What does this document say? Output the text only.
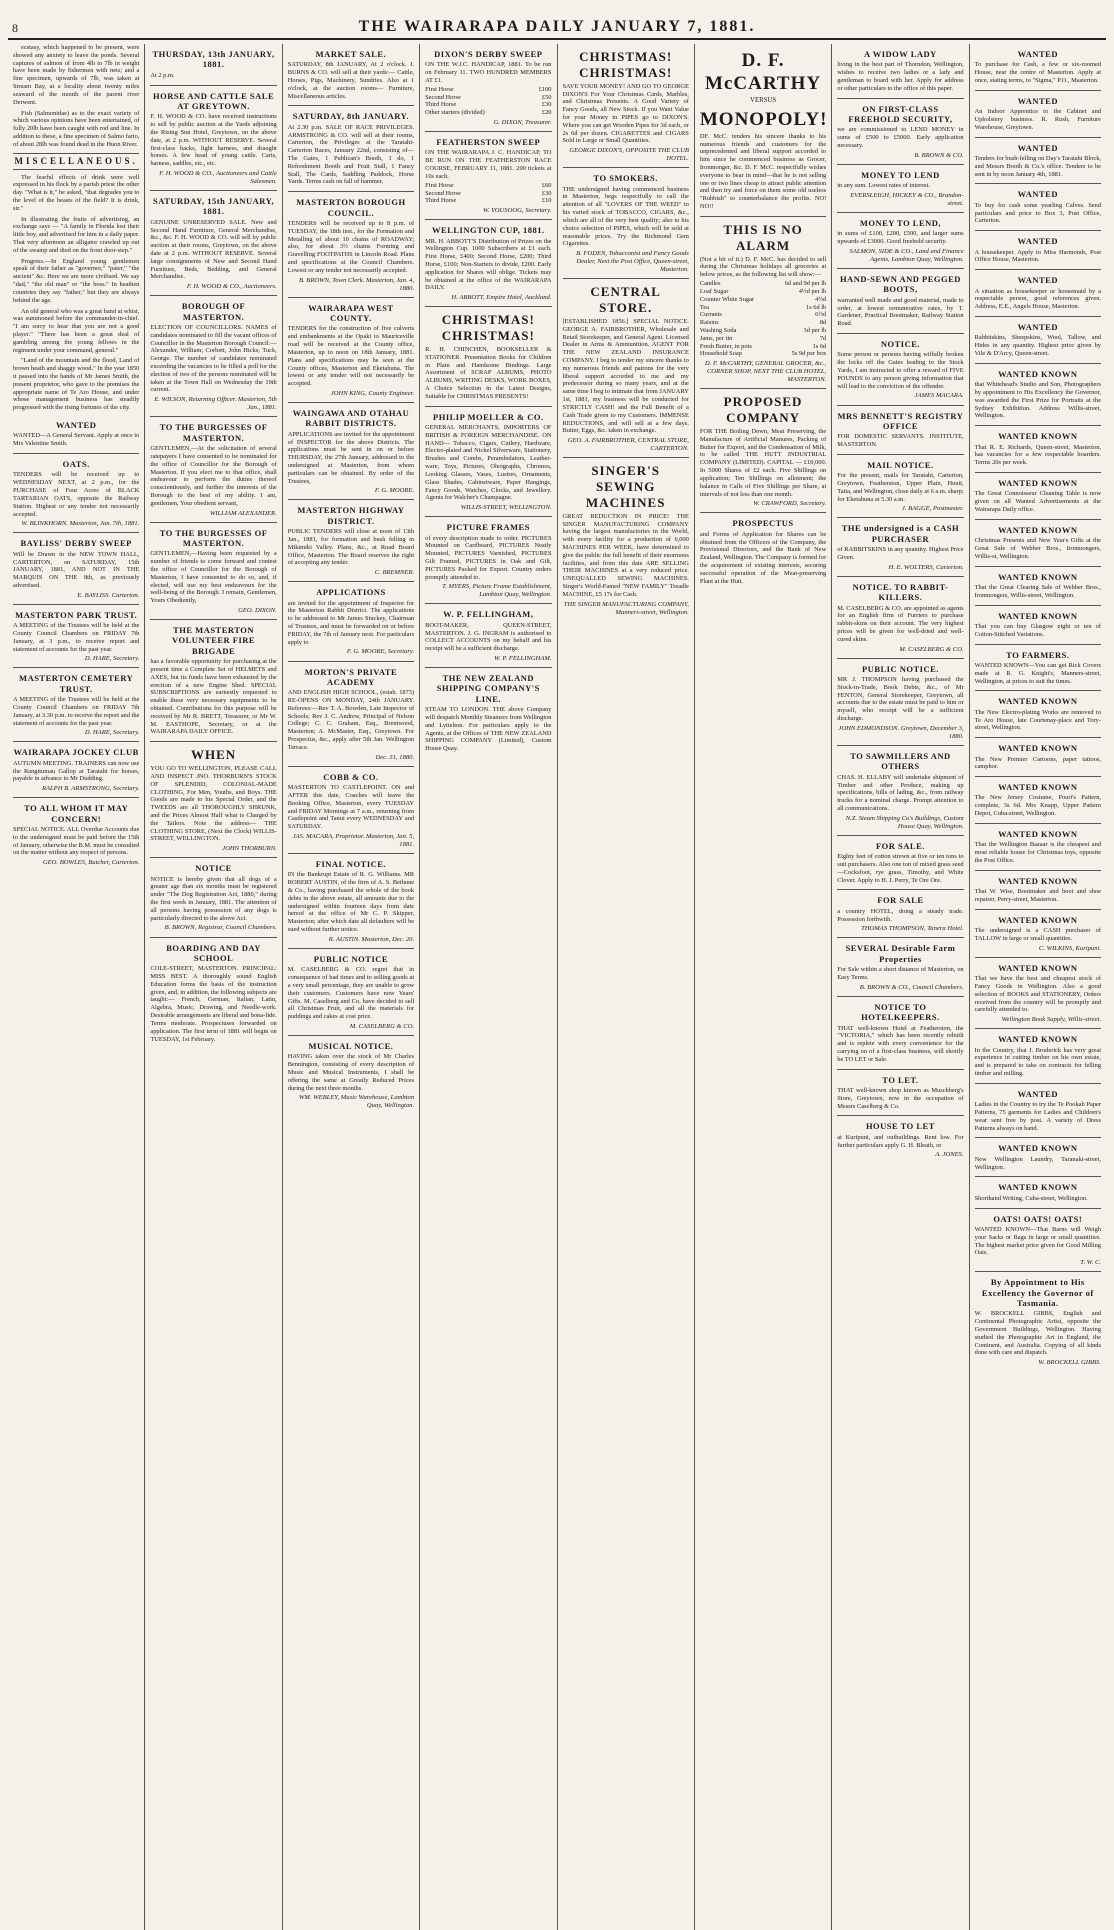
8	THE WAIRARAPA DAILY JANUARY 7, 1881.

ecstasy, which happened to be present, were showed any anxiety to leave the ponds. Several captures of salmon of from 4lb to 7lb in weight have been made by fishermen with nets; and a fine specimen, upwards of 7lb, was taken at Stream Bay, at a locality about twenty miles seaward of the mouth of the parent river Derwent.

Fish (Salmonidae) as to the exact variety of which various opinions have been entertained, of fully 20lb have been caught with rod and line. In addition to these, a fine specimen of Salmo fario, of about 28lb was found dead in the Huon River.

MISCELLANEOUS.

The fearful effects of drink were well expressed in his flock by a parish priest the other day. "What is it," he asked, "that degrades you to the level of the beasts of the field? It is drink, sir."

In illustrating the fruits of advertising, an exchange says — "A family in Florida lost their little boy, and advertised for him in a daily paper. That very afternoon an alligator crawled up out of the swamp and died on the front door-step."

Progress.—In England young gentlemen speak of their father as "governor," "pater," "the ancient" &c. Here we are more civilised. We say "dad," "the old man" or "the boss." In heathen countries they say "father," but they are always behind the age.

An old general who was a great hand at whist, was summoned before the commander-in-chief. "I am sorry to hear that you are not a good player." "There has been a great deal of gambling among the young fellows in the regiment under your command, general."

"Land of the mountain and the flood, Land of brown heath and shaggy wood." In the year 1850 it passed into the hands of Mr James Smith, the present proprietor, who gave to the premises the appropriate name of Te Aro House, and under whose management business has steadily progressed with the rising fortunes of the city.

WANTED
WANTED—A General Servant. Apply at once to Mrs Valentine Smith.
OATS.
TENDERS will be received up to WEDNESDAY NEXT, at 2 p.m., for the PURCHASE of Four Acres of BLACK TARTARIAN OATS, opposite the Railway Station. Highest or any tender not necessarily accepted.
W. BLINKHORN. Masterton, Jan. 7th, 1881.
BAYLISS' DERBY SWEEP
Will be Drawn in the NEW TOWN HALL, CARTERTON, on SATURDAY, 15th JANUARY, 1881, AND NOT IN THE MARQUIS ON THE 8th, as previously advertised.
E. BAYLISS. Carterton.
MASTERTON PARK TRUST.
A MEETING of the Trustees will be held at the County Council Chambers on FRIDAY 7th January, at 3 p.m., to receive report and statement of accounts for the past year.
D. HARE, Secretary.
MASTERTON CEMETERY TRUST.
A MEETING of the Trustees will be held at the County Council Chambers on FRIDAY 7th January, at 3.30 p.m. to receive the report and the statement of accounts for the past year.
D. HARE, Secretary.
WAIRARAPA JOCKEY CLUB
AUTUMN MEETING. TRAINERS can now use the Rangitumau Gallop at Taratahi for horses, payable in advance to Mr Dudding.
RALPH B. ARMSTRONG, Secretary.
TO ALL WHOM IT MAY CONCERN!
SPECIAL NOTICE. ALL Overdue Accounts due to the undersigned must be paid before the 15th of January, otherwise the B.M. must be consulted on the matter without any respect of persons.
GEO. BOWLES, Butcher, Carterton.
THURSDAY, 13th JANUARY, 1881.
At 2 p.m.
HORSE AND CATTLE SALE AT GREYTOWN.
F. H. WOOD & CO. have received instructions to sell by public auction at the Yards adjoining the Rising Sun Hotel, Greytown, on the above date, at 2 p.m. WITHOUT RESERVE. Several first-class hacks, light harness, and draught horses. A few head of young cattle. Carts, harness, saddles, etc., etc.
F. H. WOOD & CO., Auctioneers and Cattle Salesmen.
SATURDAY, 15th JANUARY, 1881.
GENUINE UNRESERVED SALE. New and Second Hand Furniture, General Merchandise, &c., &c. F. H. WOOD & CO. will sell by public auction at their rooms, Greytown, on the above date at 2 p.m. WITHOUT RESERVE. Several large consignments of New and Second Hand Furniture, Beds, Bedding, and General Merchandise.
F. H. WOOD & CO., Auctioneers.
BOROUGH OF MASTERTON.
ELECTION OF COUNCILLORS. NAMES of candidates nominated to fill the vacant offices of Councillor in the Masterton Borough Council:— Alexander, William; Corbett, John Hicks; Tuck, George. The number of candidates nominated exceeding the vacancies to be filled a poll for the election of two of the persons nominated will be taken at the Town Hall on Wednesday the 19th current.
E. WILSON, Returning Officer. Masterton, 5th Jan., 1881.
TO THE BURGESSES OF MASTERTON.
GENTLEMEN,—At the solicitation of several ratepayers I have consented to be nominated for the office of Councillor for the Borough of Masterton. If you elect me to that office, shall endeavour to perform the duties thereof conscientiously, and further the interests of the Borough to the best of my ability. I am, gentlemen, Your obedient servant,
WILLIAM ALEXANDER.
TO THE BURGESSES OF MASTERTON.
GENTLEMEN,—Having been requested by a number of friends to come forward and contest the office of Councillor for the Borough of Masterton, I have consented to do so, and, if elected, will use my best endeavours for the well-being of the Borough. I remain, Gentlemen, Yours Obediently,
GEO. DIXON.
THE MASTERTON VOLUNTEER FIRE BRIGADE
has a favorable opportunity for purchasing at the present time a Complete Set of HELMETS and AXES, but its funds have been exhausted by the erection of a new Engine Shed. SPECIAL SUBSCRIPTIONS are earnestly requested to enable these very necessary equipments to be obtained. Contributions for this purpose will be received by Mr R. BRETT, Treasurer, or Mr W. M. EASTHOPE, Secretary, or at the WAIRARAPA DAILY OFFICE.
WHEN
YOU GO TO WELLINGTON, PLEASE CALL AND INSPECT JNO. THORBURN'S STOCK OF SPLENDID, COLONIAL-MADE CLOTHING, For Men, Youths, and Boys. THE Goods are made to his Special Order, and the TWEEDS are all THOROUGHLY SHRUNK, and the Prices Almost Half what is Charged by the Tailors. Note the address— THE CLOTHING STORE, (Next the Clock) WILLIS-STREET, WELLINGTON.
JOHN THORBURN.
NOTICE
NOTICE is hereby given that all dogs of a greater age than six months must be registered under "The Dog Registration Act, 1880," during the first week in January, 1881. The attention of all persons having possession of any dogs is particularly directed to the above Act.
B. BROWN, Registrar, Council Chambers.
BOARDING AND DAY SCHOOL
COLE-STREET, MASTERTON. PRINCIPAL: MISS BEST. A thoroughly sound English Education forms the basis of the instruction given, and, in addition, the following subjects are taught:— French, German, Italian, Latin, Algebra, Music, Drawing, and Needle-work. Desirable arrangements are liberal and bona-fide. Terms moderate. Prospectuses forwarded on application. The first term of 1881 will begin on TUESDAY, 1st February.
MARKET SALE.
SATURDAY, 8th JANUARY, At 2 o'clock. J. BURNS & CO. will sell at their yards:— Cattle, Horses, Pigs, Machinery, Sundries. Also at 1 o'clock, at the auction rooms— Furniture, Miscellaneous articles.
SATURDAY, 8th JANUARY.
At 2.30 p.m. SALE OF RACE PRIVILEGES. ARMSTRONG & CO. will sell at their rooms, Carterton, the Privileges at the Taratahi-Carterton Races, January 22nd, consisting of— The Gates, 1 Publican's Booth, 1 do, 1 Refreshment Booth and Fruit Stall, 1 Fancy Stall, The Cards, Saddling Paddock, Horse Yards. Terms cash on fall of hammer.
MASTERTON BOROUGH COUNCIL.
TENDERS will be received up to 8 p.m. of TUESDAY, the 18th inst., for the Formation and Metalling of about 10 chains of ROADWAY; also, for about 3½ chains Forming and Gravelling FOOTPATHS in Lincoln Road. Plans and specifications at the Council Chambers. Lowest or any tender not necessarily accepted.
B. BROWN, Town Clerk. Masterton, Jan. 4, 1880.
WAIRARAPA WEST COUNTY.
TENDERS for the construction of five culverts and embankments at the Opaki to Mauriceville road will be received at the County office, Masterton, up to noon on 18th January, 1881. Plans and specifications may be seen at the County offices, Masterton and Eketahuna. The lowest or any tender will not necessarily be accepted.
JOHN KING, County Engineer.
WAINGAWA AND OTAHAU RABBIT DISTRICTS.
APPLICATIONS are invited for the appointment of INSPECTOR for the above Districts. The applications must be sent in on or before THURSDAY, the 27th January, addressed to the undersigned at Masterton, from whom particulars can be obtained. By order of the Trustees,
F. G. MOORE.
MASTERTON HIGHWAY DISTRICT.
PUBLIC TENDERS will close at noon of 13th Jan., 1881, for formation and bush felling in Mikimiki Valley. Plans, &c., at Road Board Office, Masterton. The Board reserves the right of accepting any tender.
C. BREMNER.
APPLICATIONS
are invited for the appointment of Inspector for the Masterton Rabbit District. The applications to be addressed to Mr James Stuckey, Chairman of Trustees, and must be forwarded on or before FRIDAY, the 7th of January next. For particulars apply to
F. G. MOORE, Secretary.
MORTON'S PRIVATE ACADEMY
AND ENGLISH HIGH SCHOOL, (estab. 1873) RE-OPENS ON MONDAY, 24th JANUARY. Referees:—Rev T. A. Bowden, Late Inspector of Schools; Rev J. C. Andrew, Principal of Nelson College; C. C. Graham, Esq., Brentwood, Masterton; A. McMaster, Esq., Greytown. For Prospectus, &c., apply after 5th Jan. Wellington Terrace.
Dec. 31, 1880.
COBB & CO.
MASTERTON TO CASTLEPOINT. ON and AFTER this date, Coaches will leave the Booking Office, Masterton, every TUESDAY and FRIDAY Mornings at 7 a.m., returning from Castlepoint and Tanui every WEDNESDAY and SATURDAY.
JAS. MACARA, Proprietor. Masterton, Jan. 5, 1881.
FINAL NOTICE.
IN the Bankrupt Estate of R. G. Williams. MR ROBERT AUSTIN, of the firm of A. S. Bethune & Co., having purchased the whole of the book debts in the above estate, all amounts due to the undersigned within fourteen days from date hereof at the office of Mr C. P. Skipper, Masterton; after which date all defaulters will be sued without further notice.
R. AUSTIN. Masterton, Dec. 20.
PUBLIC NOTICE
M. CASELBERG & CO. regret that in consequence of bad times and to selling goods at a very small percentage, they are unable to grow their customers. Customers have now Years' Gifts. M. Caselberg and Co. have decided to sell all Christmas Fruit, and all the materials for puddings and cakes at cost price.
M. CASELBERG & CO.
MUSICAL NOTICE.
HAVING taken over the stock of Mr Charles Bennington, consisting of every description of Music and Musical Instruments, I shall be offering the same at Greatly Reduced Prices during the next three months.
WM. WEBLEY, Music Warehouse, Lambton Quay, Wellington.
DIXON'S DERBY SWEEP
ON THE W.J.C. HANDICAP, 1881. To be run on February 11. TWO HUNDRED MEMBERS AT £1.
First Horse	£100
Second Horse	£50
Third Horse	£30
Other starters (divided)	£20
G. DIXON, Treasurer.
FEATHERSTON SWEEP
ON THE WAIRARAPA J. C. HANDICAP, TO BE RUN ON THE FEATHERSTON RACE COURSE, FEBRUARY 11, 1881. 200 tickets at 10s each.
First Horse	£60
Second Horse	£30
Third Horse	£10
W. YOUSOOG, Secretary.
WELLINGTON CUP, 1881.
MR. H. ABBOTT'S Distribution of Prizes on the Wellington Cup. 1000 Subscribers at £1 each. First Horse, £400; Second Horse, £200; Third Horse, £100; Non-Starters to divide, £200. Early application for Shares will oblige. Tickets may be obtained at the office of the WAIRARAPA DAILY.
H. ABBOTT, Empire Hotel, Auckland.
CHRISTMAS! CHRISTMAS!
R. H. CHINCHEN, BOOKSELLER & STATIONER. Presentation Books for Children in Plain and Handsome Bindings. Large Assortment of SCRAP ALBUMS, PHOTO ALBUMS, WRITING DESKS, WORK BOXES, A Choice Selection in the Latest Designs, Suitable for CHRISTMAS PRESENTS!
PHILIP MOELLER & CO.
GENERAL MERCHANTS, IMPORTERS OF BRITISH & FOREIGN MERCHANDISE. ON HAND— Tobacco, Cigars, Cutlery, Hardware, Electro-plated and Nickel Silverware, Stationery, Brushes and Combs, Perambulators, Leather-ware, Toys, Pictures, Oleographs, Chromos, Looking Glasses, Vases, Lustres, Ornaments, Glass Shades, Cabinetware, Paper Hangings, Fancy Goods, Watches, Clocks, and Jewellery. Agents for Walcher's Champagne.
WILLIS-STREET, WELLINGTON.
PICTURE FRAMES
of every description made to order. PICTURES Mounted on Cardboard, PICTURES Neatly Mounted, PICTURES Varnished, PICTURES Gilt Framed, PICTURES in Oak and Gilt, PICTURES Packed for Export. Country orders promptly attended to.
T. MYERS, Picture Frame Establishment, Lambton Quay, Wellington.
W. P. FELLINGHAM,
BOOT-MAKER, QUEEN-STREET, MASTERTON. J. G. INGRAM is authorised to COLLECT ACCOUNTS on my behalf and his receipt will be a sufficient discharge.
W. P. FELLINGHAM.
THE NEW ZEALAND SHIPPING COMPANY'S LINE.
STEAM TO LONDON. THE above Company will despatch Monthly Steamers from Wellington and Lyttelton. For particulars apply to the Agents, at the Offices of THE NEW ZEALAND SHIPPING COMPANY (Limited), Custom House Quay.
CHRISTMAS! CHRISTMAS!
SAVE YOUR MONEY! AND GO TO GEORGE DIXON'S For Your Christmas Cards, Marbles, and Christmas Presents. A Good Variety of Fancy Goods, all New Stock. If you Want Value for your Money in PIPES go to DIXON'S. Where you can get Wooden Pipes for 3d each, or 2s 6d per dozen. CIGARETTES and CIGARS Sold in Large or Small Quantities.
GEORGE DIXON'S, OPPOSITE THE CLUB HOTEL.
TO SMOKERS.
THE undersigned having commenced business in Masterton, begs respectfully to call the attention of all "LOVERS OF THE WEED" to his varied stock of TOBACCO, CIGARS, &c., which are all of the very best quality; also to his choice selection of PIPES, which will be sold at reasonable prices. Try the Richmond Gem Cigarettes.
B. FODEN, Tobacconist and Fancy Goods Dealer, Next the Post Office, Queen-street, Masterton.
CENTRAL STORE.
[ESTABLISHED 1856.] SPECIAL NOTICE. GEORGE A. FAIRBROTHER, Wholesale and Retail Storekeeper, and General Agent. Licensed Dealer in Arms & Ammunition. AGENT FOR THE NEW ZEALAND INSURANCE COMPANY. I beg to tender my sincere thanks to my numerous friends and patrons for the very liberal support accorded to me and my predecessor during so many years, and at the same time I beg to intimate that from JANUARY 1st, 1881, my business will be conducted for STRICTLY CASH! and the Full Benefit of a Cash Trade given to my Customers. IMMENSE REDUCTIONS, and will sell at a few days. Butter, Eggs, &c. taken in exchange.
GEO. A. FAIRBROTHER, CENTRAL STORE, CARTERTON.
SINGER'S SEWING MACHINES
GREAT REDUCTION IN PRICE! THE SINGER MANUFACTURING COMPANY having the largest manufactories in the World, with every facility for a production of 6,000 MACHINES PER WEEK, have determined to give the public the full benefit of their enormous facilities, and from this date ARE SELLING THEIR MACHINES at a very reduced price. UNEQUALLED SEWING MACHINES. Singer's World-Famed "NEW FAMILY" Treadle MACHINE, £5 17s for Cash.
THE SINGER MANUFACTURING COMPANY, Manners-street, Wellington.
D. F. McCARTHY
VERSUS
MONOPOLY!
DF. McC. tenders his sincere thanks to his numerous friends and customers for the unprecedented and liberal support accorded to him since he commenced business as Grocer, Ironmonger, &c. D. F. McC. respectfully wishes everyone to bear in mind—that he is not selling one or two lines cheap to attract public attention and then try and force on them some old useless "Rubbish" to counterbalance the profits. NO! NO!!
THIS IS NO ALARM
(Not a bit of it.) D. F. McC. has decided to sell during the Christmas holidays all groceries at below prices, as the following list will show:—
Candles	6d and 9d per lb
Loaf Sugar	4½d per lb
Counter White Sugar	4½d
Tea	1s 6d lb
Currants	6½d
Raisins	8d
Washing Soda	3d per lb
Jams, per tin	7d
Fresh Butter, in pots	1s 6d
Household Soap	5s 9d per box
D. F. McCARTHY, GENERAL GROCER, &c., CORNER SHOP, NEXT THE CLUB HOTEL, MASTERTON.
PROPOSED COMPANY
FOR THE Boiling Down, Meat Preserving, the Manufacture of Artificial Manures, Packing of Butter for Export, and the Condensation of Milk, to be called THE HUTT INDUSTRIAL COMPANY (LIMITED). CAPITAL — £10,000. In 5000 Shares of £2 each. Five Shillings on application; Ten Shillings on allotment; the balance in Calls of Five Shillings per Share, at intervals of not less than one month.
W. CRAWFORD, Secretary.
PROSPECTUS
and Forms of Application for Shares can be obtained from the Officers of the Company, the Provisional Directors, and the Bank of New Zealand, Wellington. The Company is formed for the acquirement of existing interests, securing successful operation of the Meat-preserving Plant at the Hutt.
A WIDOW LADY
living in the best part of Thorndon, Wellington, wishes to receive two ladies or a lady and gentleman to board with her. Apply for address or other particulars to the office of this paper.
ON FIRST-CLASS FREEHOLD SECURITY,
we are commissioned to LEND MONEY in sums of £500 to £5000. Early application necessary.
B. BROWN & CO.
MONEY TO LEND
in any sum. Lowest rates of interest.
EVERSLEIGH, HICKEY & CO., Brandon-street.
MONEY TO LEND,
in sums of £100, £200, £500, and larger sums upwards of £3000. Good freehold security.
SALMON, SIDE & CO., Land and Finance Agents, Lambton Quay, Wellington.
HAND-SEWN AND PEGGED BOOTS,
warranted well made and good material, made to order, at lowest remunerative rates, by T. Gardener, Practical Bootmaker, Railway Station Road.
NOTICE.
Some person or persons having wilfully broken the locks off the Gates leading to the Stock Yards, I am instructed to offer a reward of FIVE POUNDS to any person giving information that will lead to the conviction of the offender.
JAMES MACARA.
MRS BENNETT'S REGISTRY OFFICE
FOR DOMESTIC SERVANTS. INSTITUTE, MASTERTON.
MAIL NOTICE.
For the present, mails for Taratahi, Carterton, Greytown, Featherston, Upper Plain, Huutt, Taita, and Wellington, close daily at 6 a.m. sharp; for Eketahuna at 5.30 a.m.
J. BAGGE, Postmaster.
THE undersigned is a CASH PURCHASER
of RABBITSKINS in any quantity. Highest Price Given.
H. E. WOLTERS, Carterton.
NOTICE. TO RABBIT-KILLERS.
M. CASELBERG & CO. are appointed as agents for an English firm of Furriers to purchase rabbit-skins on their account. The very highest prices will be given for well-dried and well-cured skins.
M. CASELBERG & CO.
PUBLIC NOTICE.
MR J. THOMPSON having purchased the Stock-in-Trade, Book Debts, &c., of Mr FENTON, General Storekeeper, Greytown, all accounts due to the estate must be paid to him or myself, who receipt will be a sufficient discharge.
JOHN EDMONDSON. Greytown, December 3, 1880.
TO SAWMILLERS AND OTHERS
CHAS. H. ELLABY will undertake shipment of Timber and other Produce, making up specifications, bills of lading, &c., from railway trucks for a nominal charge. Prompt attention to all communications.
N.Z. Steam Shipping Co's Buildings, Custom House Quay, Wellington.
FOR SALE.
Eighty feet of cotton strewn at five or ten tons to suit purchasers. Also one ton of mixed grass seed—Cocksfoot, rye grass, Timothy, and White Clover. Apply to H. J. Perry, Te Ore Ore.
FOR SALE
a country HOTEL, doing a steady trade. Possession forthwith.
THOMAS THOMPSON, Tanera Hotel.
SEVERAL Desirable Farm Properties
For Sale within a short distance of Masterton, on Easy Terms.
B. BROWN & CO., Council Chambers.
NOTICE TO HOTELKEEPERS.
THAT well-known Hotel at Featherston, the "VICTORIA," which has been recently rebuilt and is replete with every convenience for the carrying on of a first-class business, will shortly be TO LET or Sale.
TO LET.
THAT well-known shop known as Muschberg's Store, Greytown, now in the occupation of Messrs Caselberg & Co.
HOUSE TO LET
at Kuripuni, and outbuildings. Rent low. For further particulars apply G. H. Bleath, or
A. JONES.
WANTED
To purchase for Cash, a few or six-roomed House, near the centre of Masterton. Apply at once, stating terms, to "Sigma," P.O., Masterton.
WANTED
An Indoor Apprentice to the Cabinet and Upholstery business. R. Rush, Furniture Warehouse, Greytown.
WANTED
Tenders for bush-felling on Day's Taratahi Block, and Messrs Booth & Co.'s office. Tenders to be sent in by noon January 4th, 1881.
WANTED
To buy for cash some yearling Calves. Send particulars and price to Box 3, Post Office, Carterton.
WANTED
A housekeeper. Apply to Miss Harmonds, Post Office House, Masterton.
WANTED
A situation as housekeeper or housemaid by a respectable person, good references given. Address, E.E., Angels House, Masterton.
WANTED
Rabbitskins, Sheepskins, Wool, Tallow, and Hides in any quantity. Highest price given by Vile & D'Arcy, Queen-street.
WANTED KNOWN
that Whitehead's Studio and Son, Photographers by appointment to His Excellency the Governor, was awarded the First Prize for Portraits at the Sydney Exhibition. Address Willis-street, Wellington.
WANTED KNOWN
That R. E. Richards, Queen-street, Masterton, has vacancies for a few respectable boarders. Terms 20s per week.
WANTED KNOWN
The Great Connoisseur Cleaning Table is now given on all Wanted Advertisements at the Wairarapa Daily office.
WANTED KNOWN
Christmas Presents and New Year's Gifts at the Great Sale of Webber Bros., Ironmongers, Willis-st, Wellington.
WANTED KNOWN
That the Great Clearing Sale of Webber Bros., Ironmongers, Willis-street, Wellington.
WANTED KNOWN
That you can buy Glasgow eight or ten of Cotton-Stitched Variations.
TO FARMERS.
WANTED KNOWN—You can get Rick Covers made at R. G. Knight's, Manners-street, Wellington, at prices to suit the times.
WANTED KNOWN
The New Electro-plating Works are removed to Te Aro House, late Courtenay-place and Tory-street, Wellington.
WANTED KNOWN
The New Premier Cartoons, paper tattoos, camphor.
WANTED KNOWN
The New Jersey Costume, Pouri's Pattern, complete, 3s 6d. Mrs Knapp, Upper Pattern Depot, Cuba-street, Wellington.
WANTED KNOWN
That the Wellington Bazaar is the cheapest and most reliable house for Christmas toys, opposite the Post Office.
WANTED KNOWN
That W. Wise, Bootmaker and boot and shoe repairer, Perry-street, Masterton.
WANTED KNOWN
The undersigned is a CASH purchaser of TALLOW in large or small quantities.
C. WILKINS, Kuripuni.
WANTED KNOWN
That we have the best and cheapest stock of Fancy Goods in Wellington. Also a good selection of BOOKS and STATIONERY, Orders received from the country will be promptly and carefully attended to.
Wellington Book Supply, Willis-street.
WANTED KNOWN
In the Country, that J. Broderick has very great experience in cutting timber on his own estate, and is prepared to take on contracts for felling timber and milling.
WANTED
Ladies in the Country to try the Te Pookah Paper Patterns, 75 garments for Ladies and Children's wear sent free by post. A variety of Dress Patterns always on hand.
WANTED KNOWN
New Wellington Laundry, Taranaki-street, Wellington.
WANTED KNOWN
Shorthand Writing, Cuba-street, Wellington.
OATS! OATS! OATS!
WANTED KNOWN—That Barns will Weigh your Sacks or Bags in large or small quantities. The highest market price given for Good Milling Oats.
T. W. C.
By Appointment to His Excellency the Governor of Tasmania.
W. BROCKELL GIBBS, English and Continental Photographic Artist, opposite the Government Buildings, Wellington. Having studied the Photographic Art in England, the Continent, and Australia. Copying of all kinds done with care and dispatch.
W. BROCKELL GIBBS.
